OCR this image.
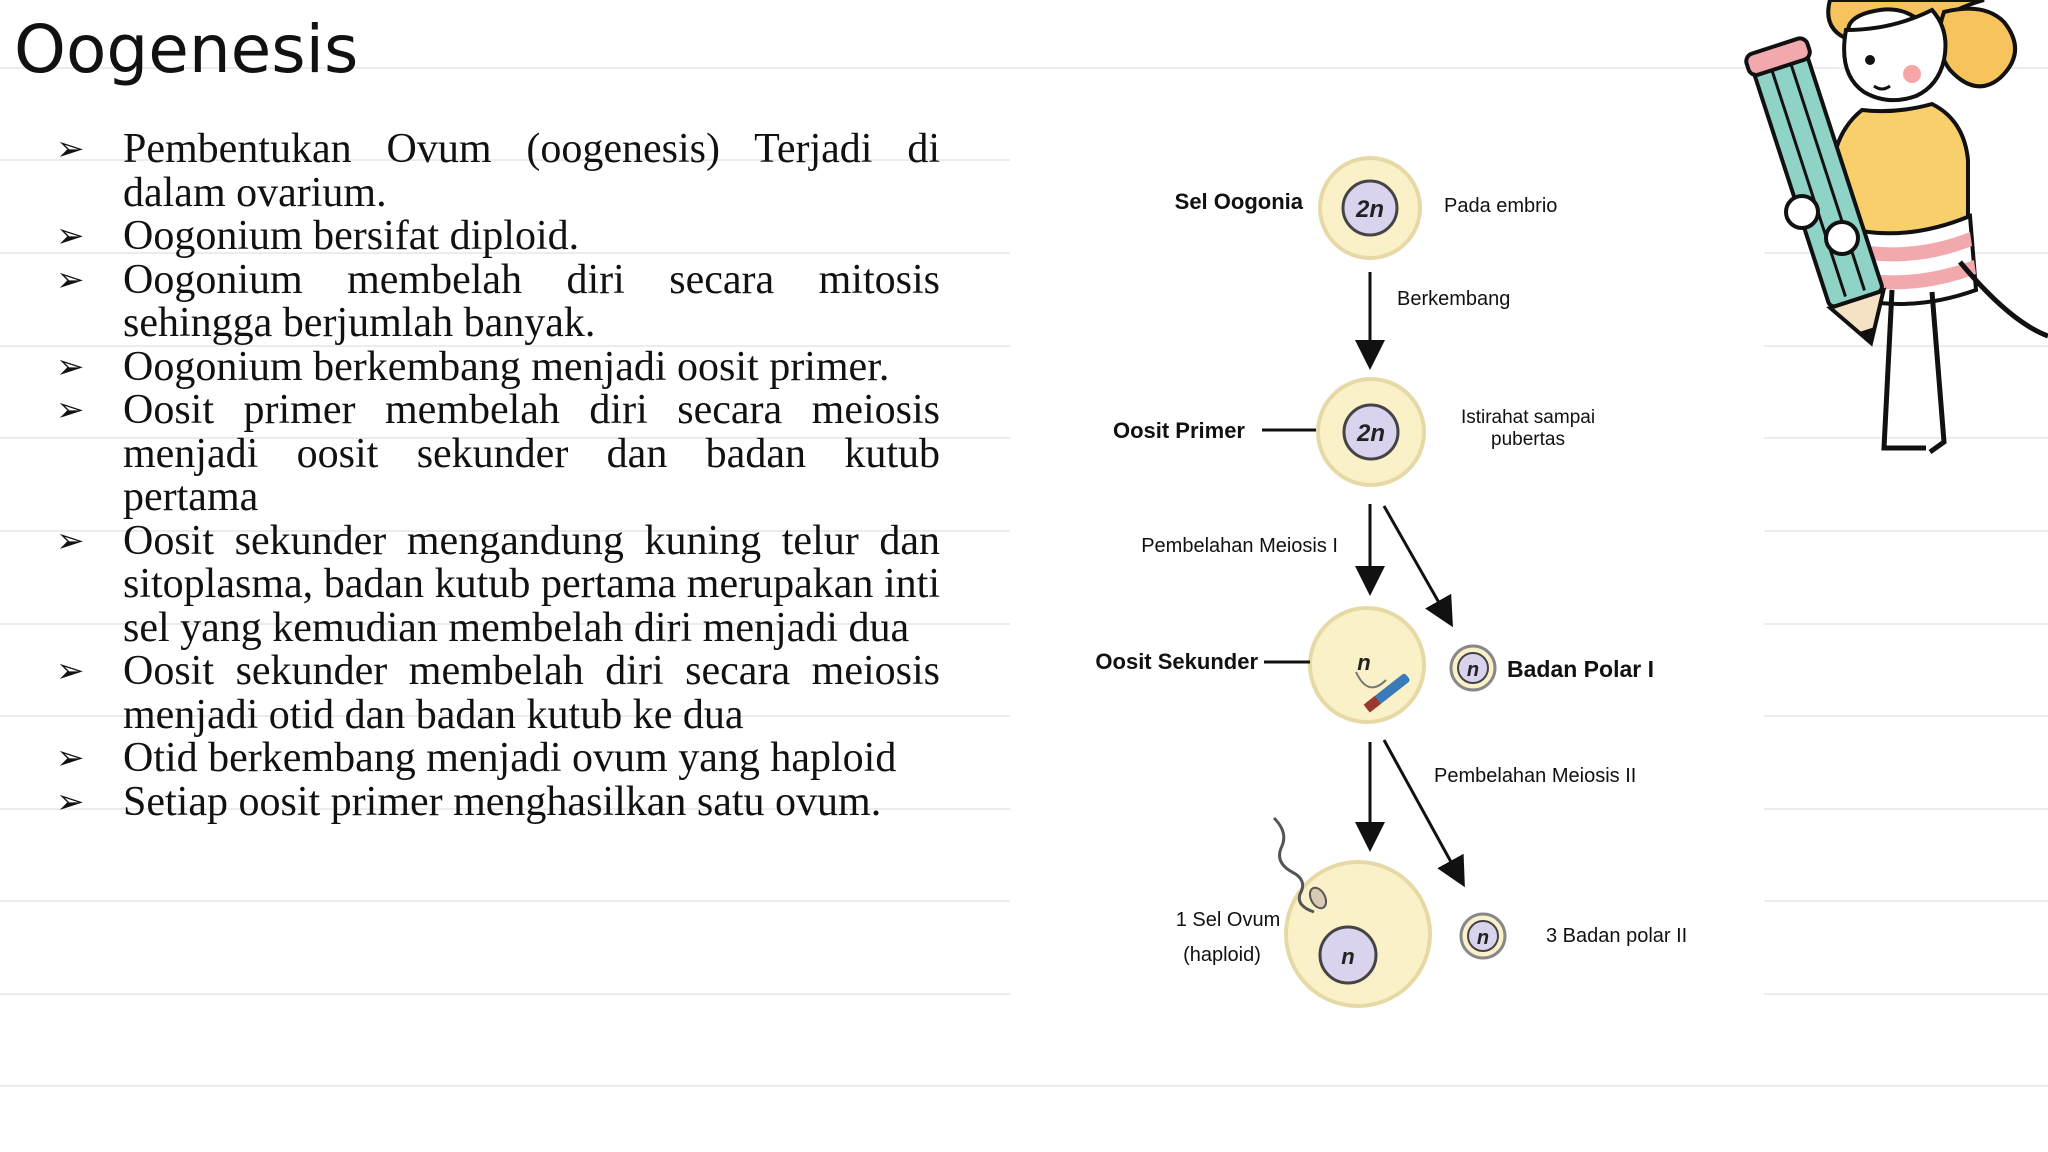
Oogenesis
➢ Pembentukan Ovum (oogenesis) Terjadi di dalam ovarium.
➢ Oogonium bersifat diploid.
➢ Oogonium membelah diri secara mitosis sehingga berjumlah banyak.
➢ Oogonium berkembang menjadi oosit primer.
➢ Oosit primer membelah diri secara meiosis menjadi oosit sekunder dan badan kutub pertama
➢ Oosit sekunder mengandung kuning telur dan sitoplasma, badan kutub pertama merupakan inti sel yang kemudian membelah diri menjadi dua
➢ Oosit sekunder membelah diri secara meiosis menjadi otid dan badan kutub ke dua
➢ Otid berkembang menjadi ovum yang haploid
➢ Setiap oosit primer menghasilkan satu ovum.
2n
Sel Oogonia	Pada embrio
Berkembang
2n
Oosit Primer
Istirahat sampai
pubertas
Pembelahan Meiosis I
n
Oosit Sekunder	n Badan Polar I
Pembelahan Meiosis II
n
1 Sel Ovum
(haploid)
n	3 Badan polar II
